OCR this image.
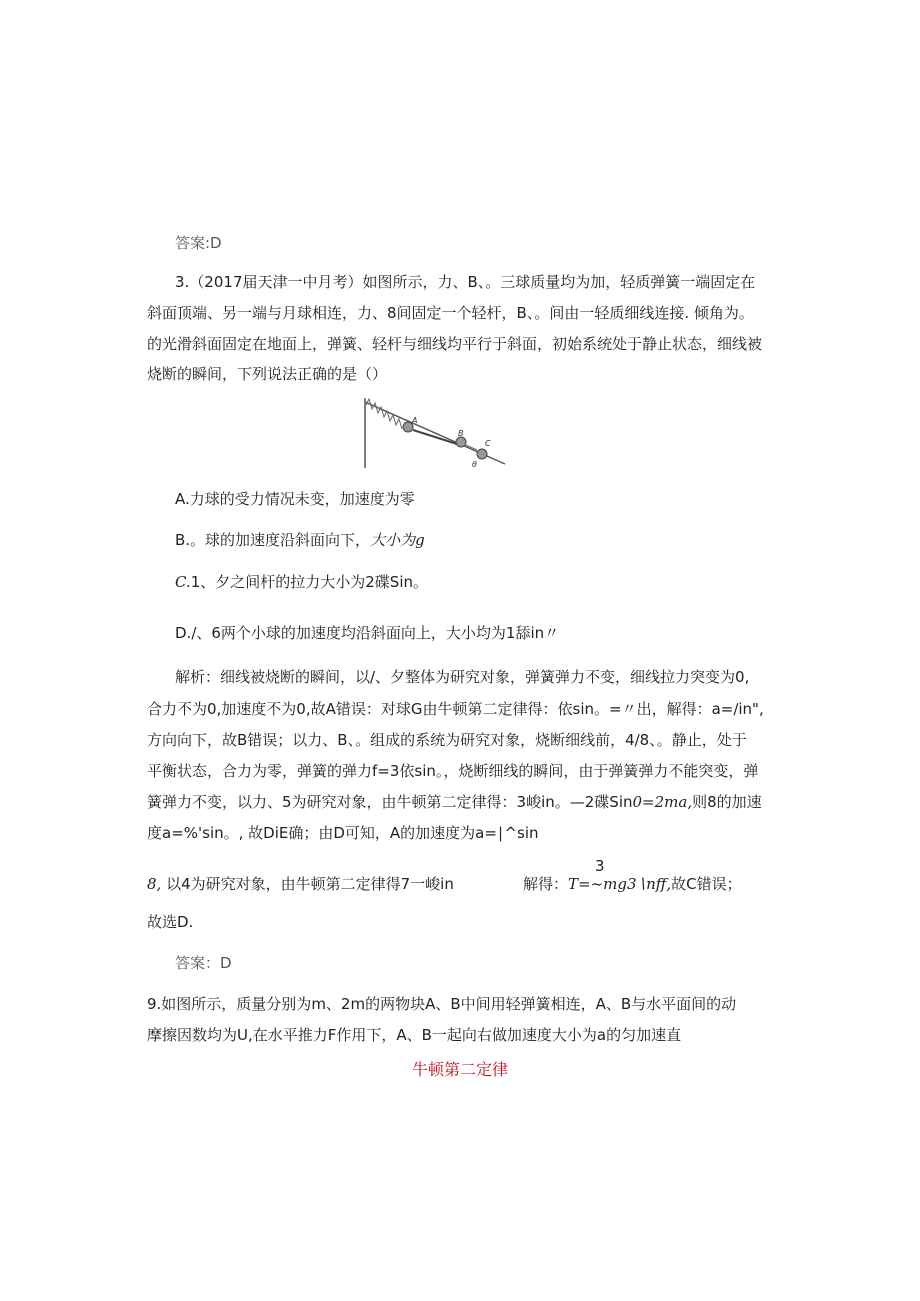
答案:D
3.（2017届天津一中月考）如图所示，力、B、。三球质量均为加，轻质弹簧一端固定在
斜面顶端、另一端与月球相连，力、8间固定一个轻杆，B、。间由一轻质细线连接. 倾角为。
的光滑斜面固定在地面上，弹簧、轻杆与细线均平行于斜面，初始系统处于静止状态，细线被
烧断的瞬间，下列说法正确的是（）
A
B
C
θ
A.力球的受力情况未变，加速度为零
B.。球的加速度沿斜面向下，大小为g
C.1、夕之间杆的拉力大小为2碟Sin。
D./、6两个小球的加速度均沿斜面向上，大小均为1舔in〃
解析：细线被烧断的瞬间，以/、夕整体为研究对象，弹簧弹力不变，细线拉力突变为0,
合力不为0,加速度不为0,故A错误：对球G由牛顿第二定律得：依sin。=〃出，解得：a=∕in",
方向向下，故B错误；以力、B、。组成的系统为研究对象，烧断细线前，4∕8、。静止，处于
平衡状态，合力为零，弹簧的弹力f=3依sin。，烧断细线的瞬间，由于弹簧弹力不能突变，弹
簧弹力不变，以力、5为研究对象，由牛顿第二定律得：3峻in。—2碟Sin0=2ma,则8的加速
度a=%'sin。, 故DiE确；由D可知，A的加速度为a=∣^sin
3
8, 以4为研究对象，由牛顿第二定律得7一峻in	解得：T=~mg3∖nff,故C错误；
故选D.
答案：D
9.如图所示，质量分别为m、2m的两物块A、B中间用轻弹簧相连，A、B与水平面间的动
摩擦因数均为U,在水平推力F作用下，A、B一起向右做加速度大小为a的匀加速直
牛顿第二定律
